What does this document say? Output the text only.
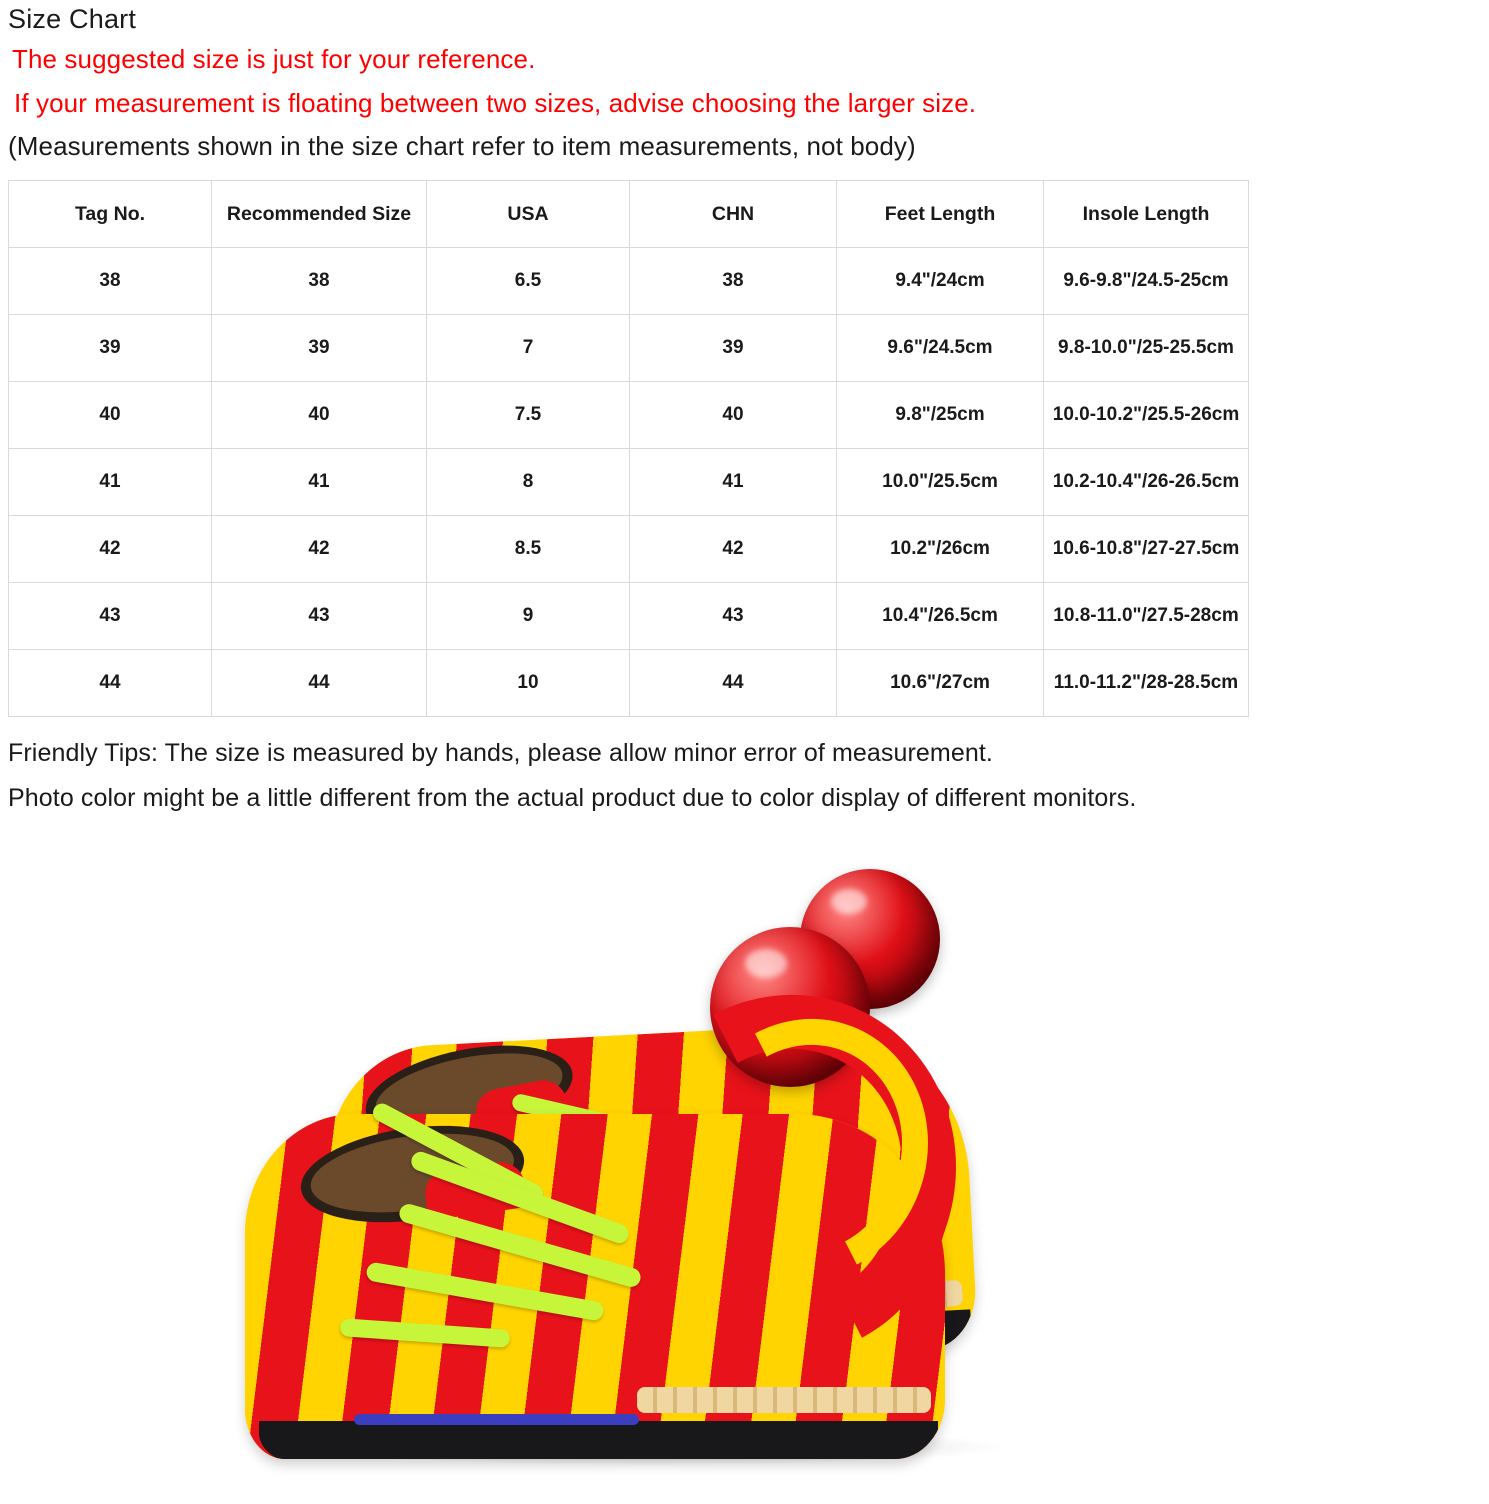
Size Chart
The suggested size is just for your reference.
If your measurement is floating between two sizes, advise choosing the larger size.
(Measurements shown in the size chart refer to item measurements, not body)
Tag No.	Recommended Size	USA	CHN	Feet Length	Insole Length
38	38	6.5	38	9.4"/24cm	9.6-9.8"/24.5-25cm
39	39	7	39	9.6"/24.5cm	9.8-10.0"/25-25.5cm
40	40	7.5	40	9.8"/25cm	10.0-10.2"/25.5-26cm
41	41	8	41	10.0"/25.5cm	10.2-10.4"/26-26.5cm
42	42	8.5	42	10.2"/26cm	10.6-10.8"/27-27.5cm
43	43	9	43	10.4"/26.5cm	10.8-11.0"/27.5-28cm
44	44	10	44	10.6"/27cm	11.0-11.2"/28-28.5cm
Friendly Tips: The size is measured by hands, please allow minor error of measurement.
Photo color might be a little different from the actual product due to color display of different monitors.
